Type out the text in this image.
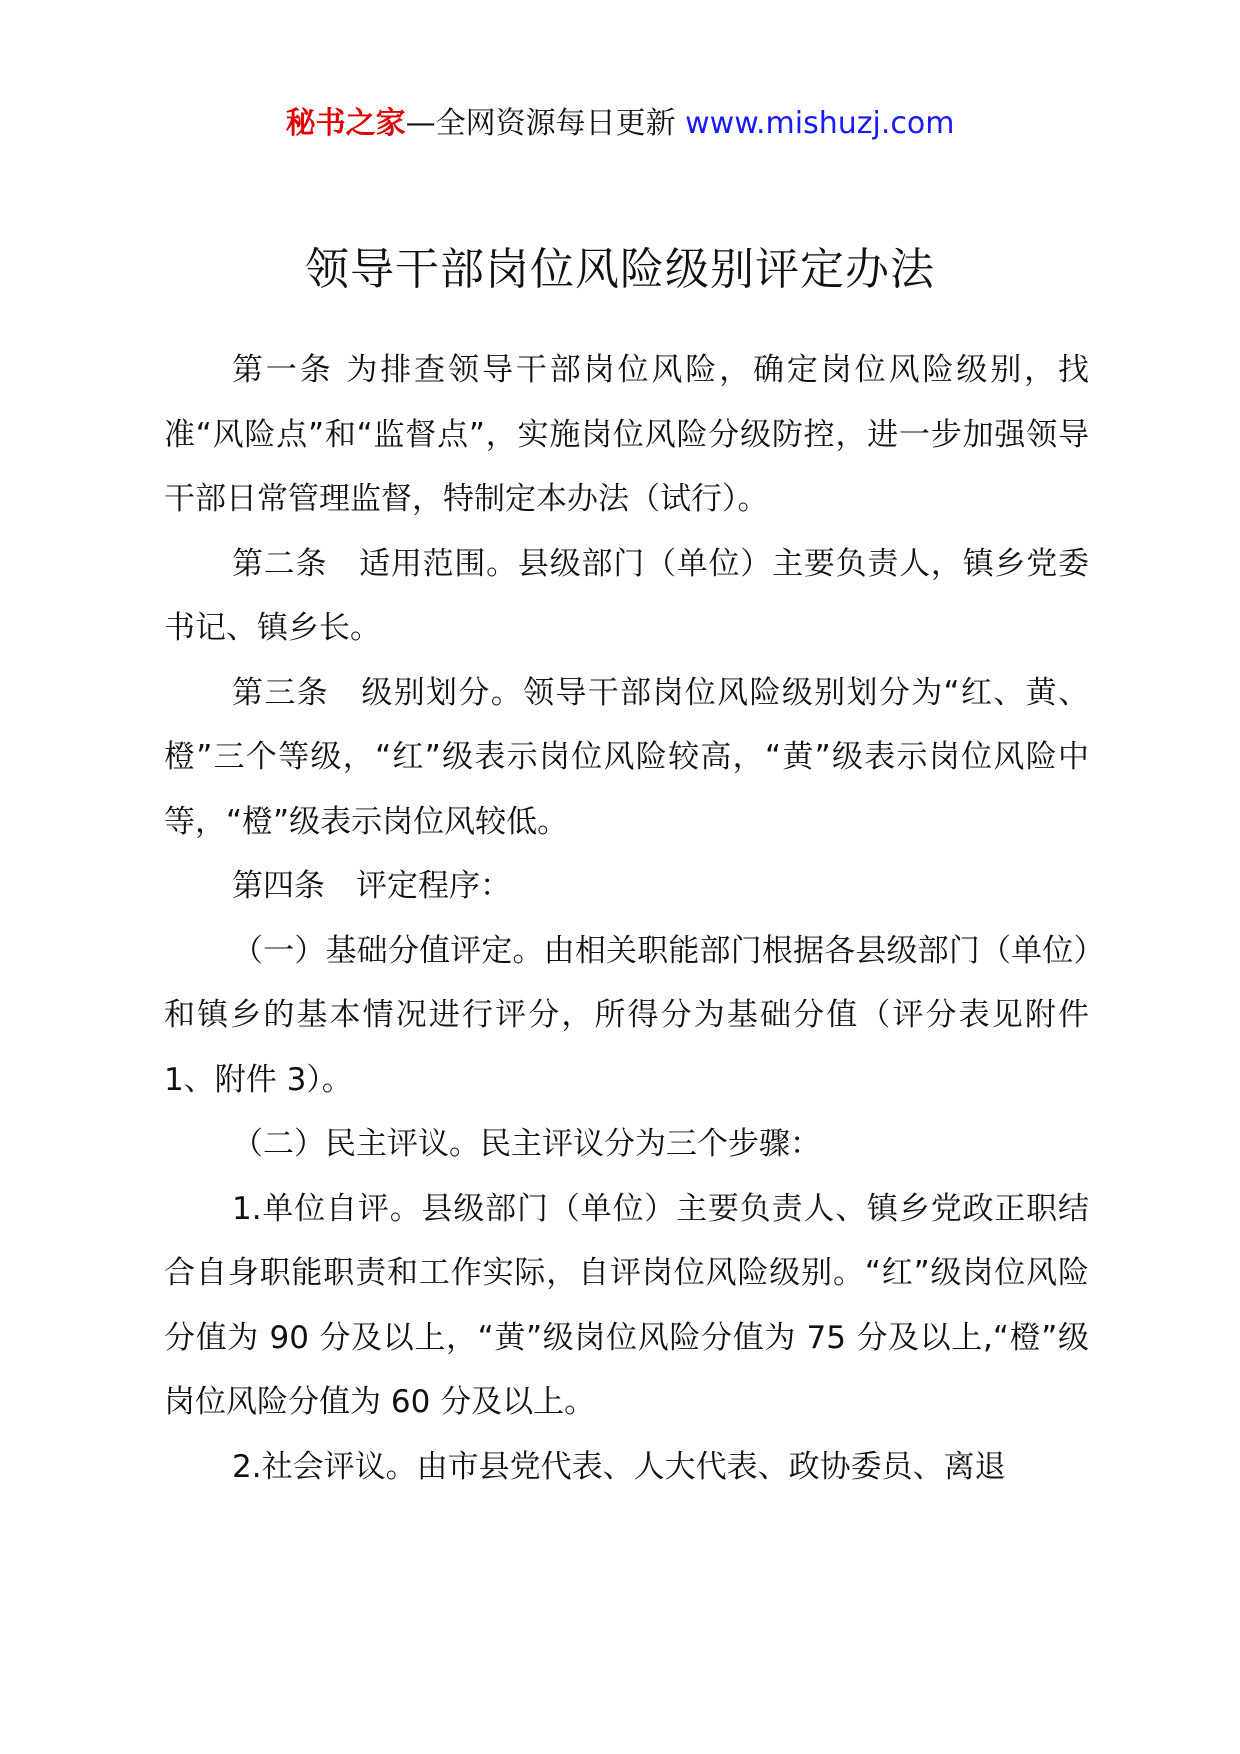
秘书之家—全网资源每日更新 www.mishuzj.com
领导干部岗位风险级别评定办法

第一条 为排查领导干部岗位风险，确定岗位风险级别，找准“风险点”和“监督点”，实施岗位风险分级防控，进一步加强领导干部日常管理监督，特制定本办法（试行）。

第二条　适用范围。县级部门（单位）主要负责人，镇乡党委书记、镇乡长。

第三条　级别划分。领导干部岗位风险级别划分为“红、黄、橙”三个等级，“红”级表示岗位风险较高，“黄”级表示岗位风险中等，“橙”级表示岗位风较低。

第四条　评定程序：

（一）基础分值评定。由相关职能部门根据各县级部门（单位）和镇乡的基本情况进行评分，所得分为基础分值（评分表见附件 1、附件 3）。

（二）民主评议。民主评议分为三个步骤：

1.单位自评。县级部门（单位）主要负责人、镇乡党政正职结合自身职能职责和工作实际，自评岗位风险级别。“红”级岗位风险分值为 90 分及以上，“黄”级岗位风险分值为 75 分及以上,“橙”级岗位风险分值为 60 分及以上。

2.社会评议。由市县党代表、人大代表、政协委员、离退
